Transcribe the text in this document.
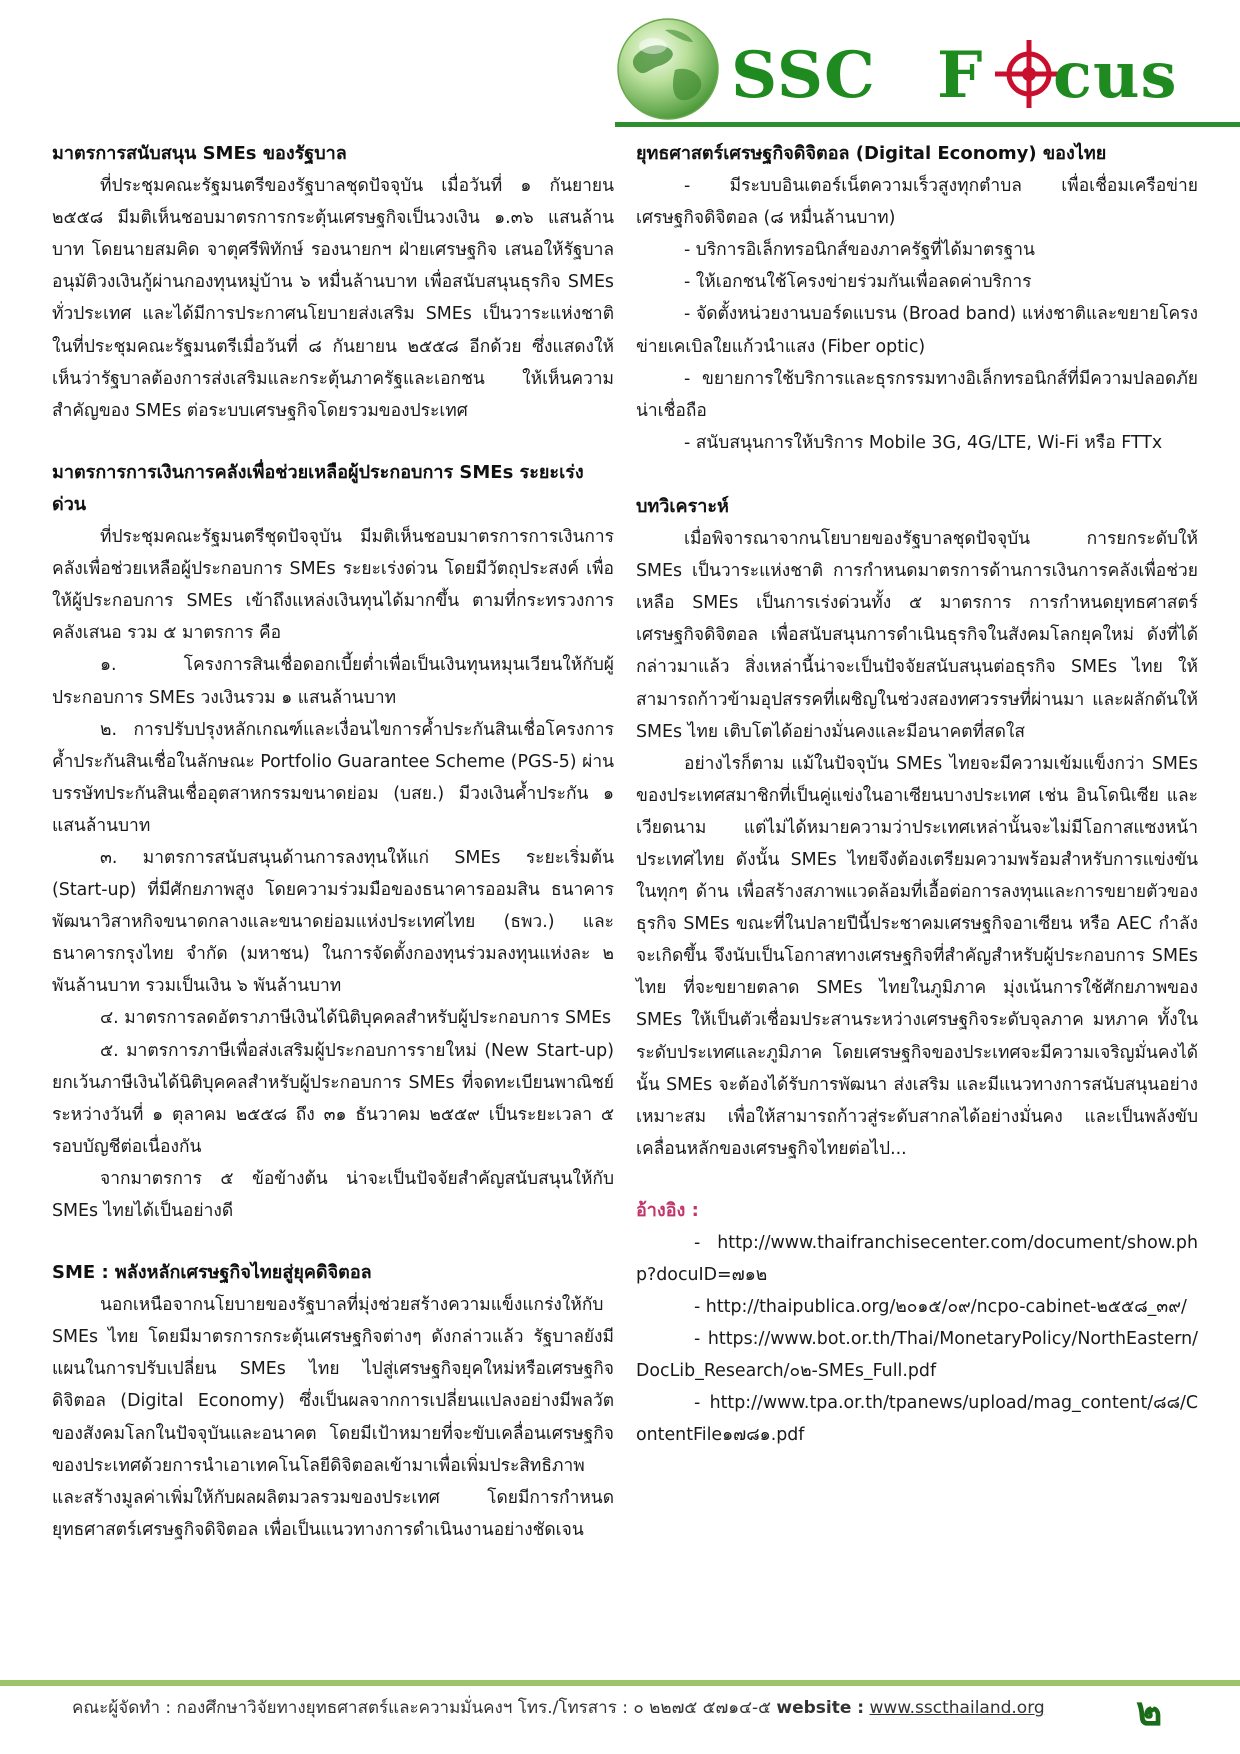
SSC F cus
มาตรการสนับสนุน SMEs ของรัฐบาล

ที่ประชุมคณะรัฐมนตรีของรัฐบาลชุดปัจจุบัน เมื่อวันที่ ๑ กันยายน ๒๕๕๘ มีมติเห็นชอบมาตรการกระตุ้นเศรษฐกิจเป็นวงเงิน ๑.๓๖ แสนล้านบาท โดยนายสมคิด จาตุศรีพิทักษ์ รองนายกฯ ฝ่ายเศรษฐกิจ เสนอให้รัฐบาลอนุมัติวงเงินกู้ผ่านกองทุนหมู่บ้าน ๖ หมื่นล้านบาท เพื่อสนับสนุนธุรกิจ SMEs ทั่วประเทศ และได้มีการประกาศนโยบายส่งเสริม SMEs เป็นวาระแห่งชาติ ในที่ประชุมคณะรัฐมนตรีเมื่อวันที่ ๘ กันยายน ๒๕๕๘ อีกด้วย ซึ่งแสดงให้เห็นว่ารัฐบาลต้องการส่งเสริมและกระตุ้นภาครัฐและเอกชน ให้เห็นความสำคัญของ SMEs ต่อระบบเศรษฐกิจโดยรวมของประเทศ

มาตรการการเงินการคลังเพื่อช่วยเหลือผู้ประกอบการ SMEs ระยะเร่งด่วน

ที่ประชุมคณะรัฐมนตรีชุดปัจจุบัน มีมติเห็นชอบมาตรการการเงินการคลังเพื่อช่วยเหลือผู้ประกอบการ SMEs ระยะเร่งด่วน โดยมีวัตถุประสงค์ เพื่อให้ผู้ประกอบการ SMEs เข้าถึงแหล่งเงินทุนได้มากขึ้น ตามที่กระทรวงการคลังเสนอ รวม ๕ มาตรการ คือ

๑. โครงการสินเชื่อดอกเบี้ยต่ำเพื่อเป็นเงินทุนหมุนเวียนให้กับผู้ประกอบการ SMEs วงเงินรวม ๑ แสนล้านบาท

๒. การปรับปรุงหลักเกณฑ์และเงื่อนไขการค้ำประกันสินเชื่อโครงการค้ำประกันสินเชื่อในลักษณะ Portfolio Guarantee Scheme (PGS-5) ผ่านบรรษัทประกันสินเชื่ออุตสาหกรรมขนาดย่อม (บสย.) มีวงเงินค้ำประกัน ๑ แสนล้านบาท

๓. มาตรการสนับสนุนด้านการลงทุนให้แก่ SMEs ระยะเริ่มต้น (Start-up) ที่มีศักยภาพสูง โดยความร่วมมือของธนาคารออมสิน ธนาคารพัฒนาวิสาหกิจขนาดกลางและขนาดย่อมแห่งประเทศไทย (ธพว.) และธนาคารกรุงไทย จำกัด (มหาชน) ในการจัดตั้งกองทุนร่วมลงทุนแห่งละ ๒ พันล้านบาท รวมเป็นเงิน ๖ พันล้านบาท

๔. มาตรการลดอัตราภาษีเงินได้นิติบุคคลสำหรับผู้ประกอบการ SMEs

๕. มาตรการภาษีเพื่อส่งเสริมผู้ประกอบการรายใหม่ (New Start-up) ยกเว้นภาษีเงินได้นิติบุคคลสำหรับผู้ประกอบการ SMEs ที่จดทะเบียนพาณิชย์ระหว่างวันที่ ๑ ตุลาคม ๒๕๕๘ ถึง ๓๑ ธันวาคม ๒๕๕๙ เป็นระยะเวลา ๕ รอบบัญชีต่อเนื่องกัน

จากมาตรการ ๕ ข้อข้างต้น น่าจะเป็นปัจจัยสำคัญสนับสนุนให้กับ SMEs ไทยได้เป็นอย่างดี

SME : พลังหลักเศรษฐกิจไทยสู่ยุคดิจิตอล

นอกเหนือจากนโยบายของรัฐบาลที่มุ่งช่วยสร้างความแข็งแกร่งให้กับ SMEs ไทย โดยมีมาตรการกระตุ้นเศรษฐกิจต่างๆ ดังกล่าวแล้ว รัฐบาลยังมีแผนในการปรับเปลี่ยน SMEs ไทย ไปสู่เศรษฐกิจยุคใหม่หรือเศรษฐกิจดิจิตอล (Digital Economy) ซึ่งเป็นผลจากการเปลี่ยนแปลงอย่างมีพลวัตของสังคมโลกในปัจจุบันและอนาคต โดยมีเป้าหมายที่จะขับเคลื่อนเศรษฐกิจของประเทศด้วยการนำเอาเทคโนโลยีดิจิตอลเข้ามาเพื่อเพิ่มประสิทธิภาพและสร้างมูลค่าเพิ่มให้กับผลผลิตมวลรวมของประเทศ โดยมีการกำหนดยุทธศาสตร์เศรษฐกิจดิจิตอล เพื่อเป็นแนวทางการดำเนินงานอย่างชัดเจน

ยุทธศาสตร์เศรษฐกิจดิจิตอล (Digital Economy) ของไทย

- มีระบบอินเตอร์เน็ตความเร็วสูงทุกตำบล เพื่อเชื่อมเครือข่ายเศรษฐกิจดิจิตอล (๘ หมื่นล้านบาท)

- บริการอิเล็กทรอนิกส์ของภาครัฐที่ได้มาตรฐาน

- ให้เอกชนใช้โครงข่ายร่วมกันเพื่อลดค่าบริการ

- จัดตั้งหน่วยงานบอร์ดแบรน (Broad band) แห่งชาติและขยายโครงข่ายเคเบิลใยแก้วนำแสง (Fiber optic)

- ขยายการใช้บริการและธุรกรรมทางอิเล็กทรอนิกส์ที่มีความปลอดภัยน่าเชื่อถือ

- สนับสนุนการให้บริการ Mobile 3G, 4G/LTE, Wi-Fi หรือ FTTx

บทวิเคราะห์

เมื่อพิจารณาจากนโยบายของรัฐบาลชุดปัจจุบัน การยกระดับให้ SMEs เป็นวาระแห่งชาติ การกำหนดมาตรการด้านการเงินการคลังเพื่อช่วยเหลือ SMEs เป็นการเร่งด่วนทั้ง ๕ มาตรการ การกำหนดยุทธศาสตร์เศรษฐกิจดิจิตอล เพื่อสนับสนุนการดำเนินธุรกิจในสังคมโลกยุคใหม่ ดังที่ได้กล่าวมาแล้ว สิ่งเหล่านี้น่าจะเป็นปัจจัยสนับสนุนต่อธุรกิจ SMEs ไทย ให้สามารถก้าวข้ามอุปสรรคที่เผชิญในช่วงสองทศวรรษที่ผ่านมา และผลักดันให้ SMEs ไทย เติบโตได้อย่างมั่นคงและมีอนาคตที่สดใส

อย่างไรก็ตาม แม้ในปัจจุบัน SMEs ไทยจะมีความเข้มแข็งกว่า SMEs ของประเทศสมาชิกที่เป็นคู่แข่งในอาเซียนบางประเทศ เช่น อินโดนิเซีย และเวียดนาม แต่ไม่ได้หมายความว่าประเทศเหล่านั้นจะไม่มีโอกาสแซงหน้าประเทศไทย ดังนั้น SMEs ไทยจึงต้องเตรียมความพร้อมสำหรับการแข่งขันในทุกๆ ด้าน เพื่อสร้างสภาพแวดล้อมที่เอื้อต่อการลงทุนและการขยายตัวของธุรกิจ SMEs ขณะที่ในปลายปีนี้ประชาคมเศรษฐกิจอาเซียน หรือ AEC กำลังจะเกิดขึ้น จึงนับเป็นโอกาสทางเศรษฐกิจที่สำคัญสำหรับผู้ประกอบการ SMEs ไทย ที่จะขยายตลาด SMEs ไทยในภูมิภาค มุ่งเน้นการใช้ศักยภาพของ SMEs ให้เป็นตัวเชื่อมประสานระหว่างเศรษฐกิจระดับจุลภาค มหภาค ทั้งในระดับประเทศและภูมิภาค โดยเศรษฐกิจของประเทศจะมีความเจริญมั่นคงได้นั้น SMEs จะต้องได้รับการพัฒนา ส่งเสริม และมีแนวทางการสนับสนุนอย่างเหมาะสม เพื่อให้สามารถก้าวสู่ระดับสากลได้อย่างมั่นคง และเป็นพลังขับเคลื่อนหลักของเศรษฐกิจไทยต่อไป...

อ้างอิง :

- http://www.thaifranchisecenter.com/document/show.php?docuID=๗๑๒

- http://thaipublica.org/๒๐๑๕/๐๙/ncpo-cabinet-๒๕๕๘_๓๙/

- https://www.bot.or.th/Thai/MonetaryPolicy/NorthEastern/DocLib_Research/๐๒-SMEs_Full.pdf

- http://www.tpa.or.th/tpanews/upload/mag_content/๘๘/ContentFile๑๗๘๑.pdf

คณะผู้จัดทำ : กองศึกษาวิจัยทางยุทธศาสตร์และความมั่นคงฯ โทร./โทรสาร : ๐ ๒๒๗๕ ๕๗๑๔-๕ website : www.sscthailand.org ๒
